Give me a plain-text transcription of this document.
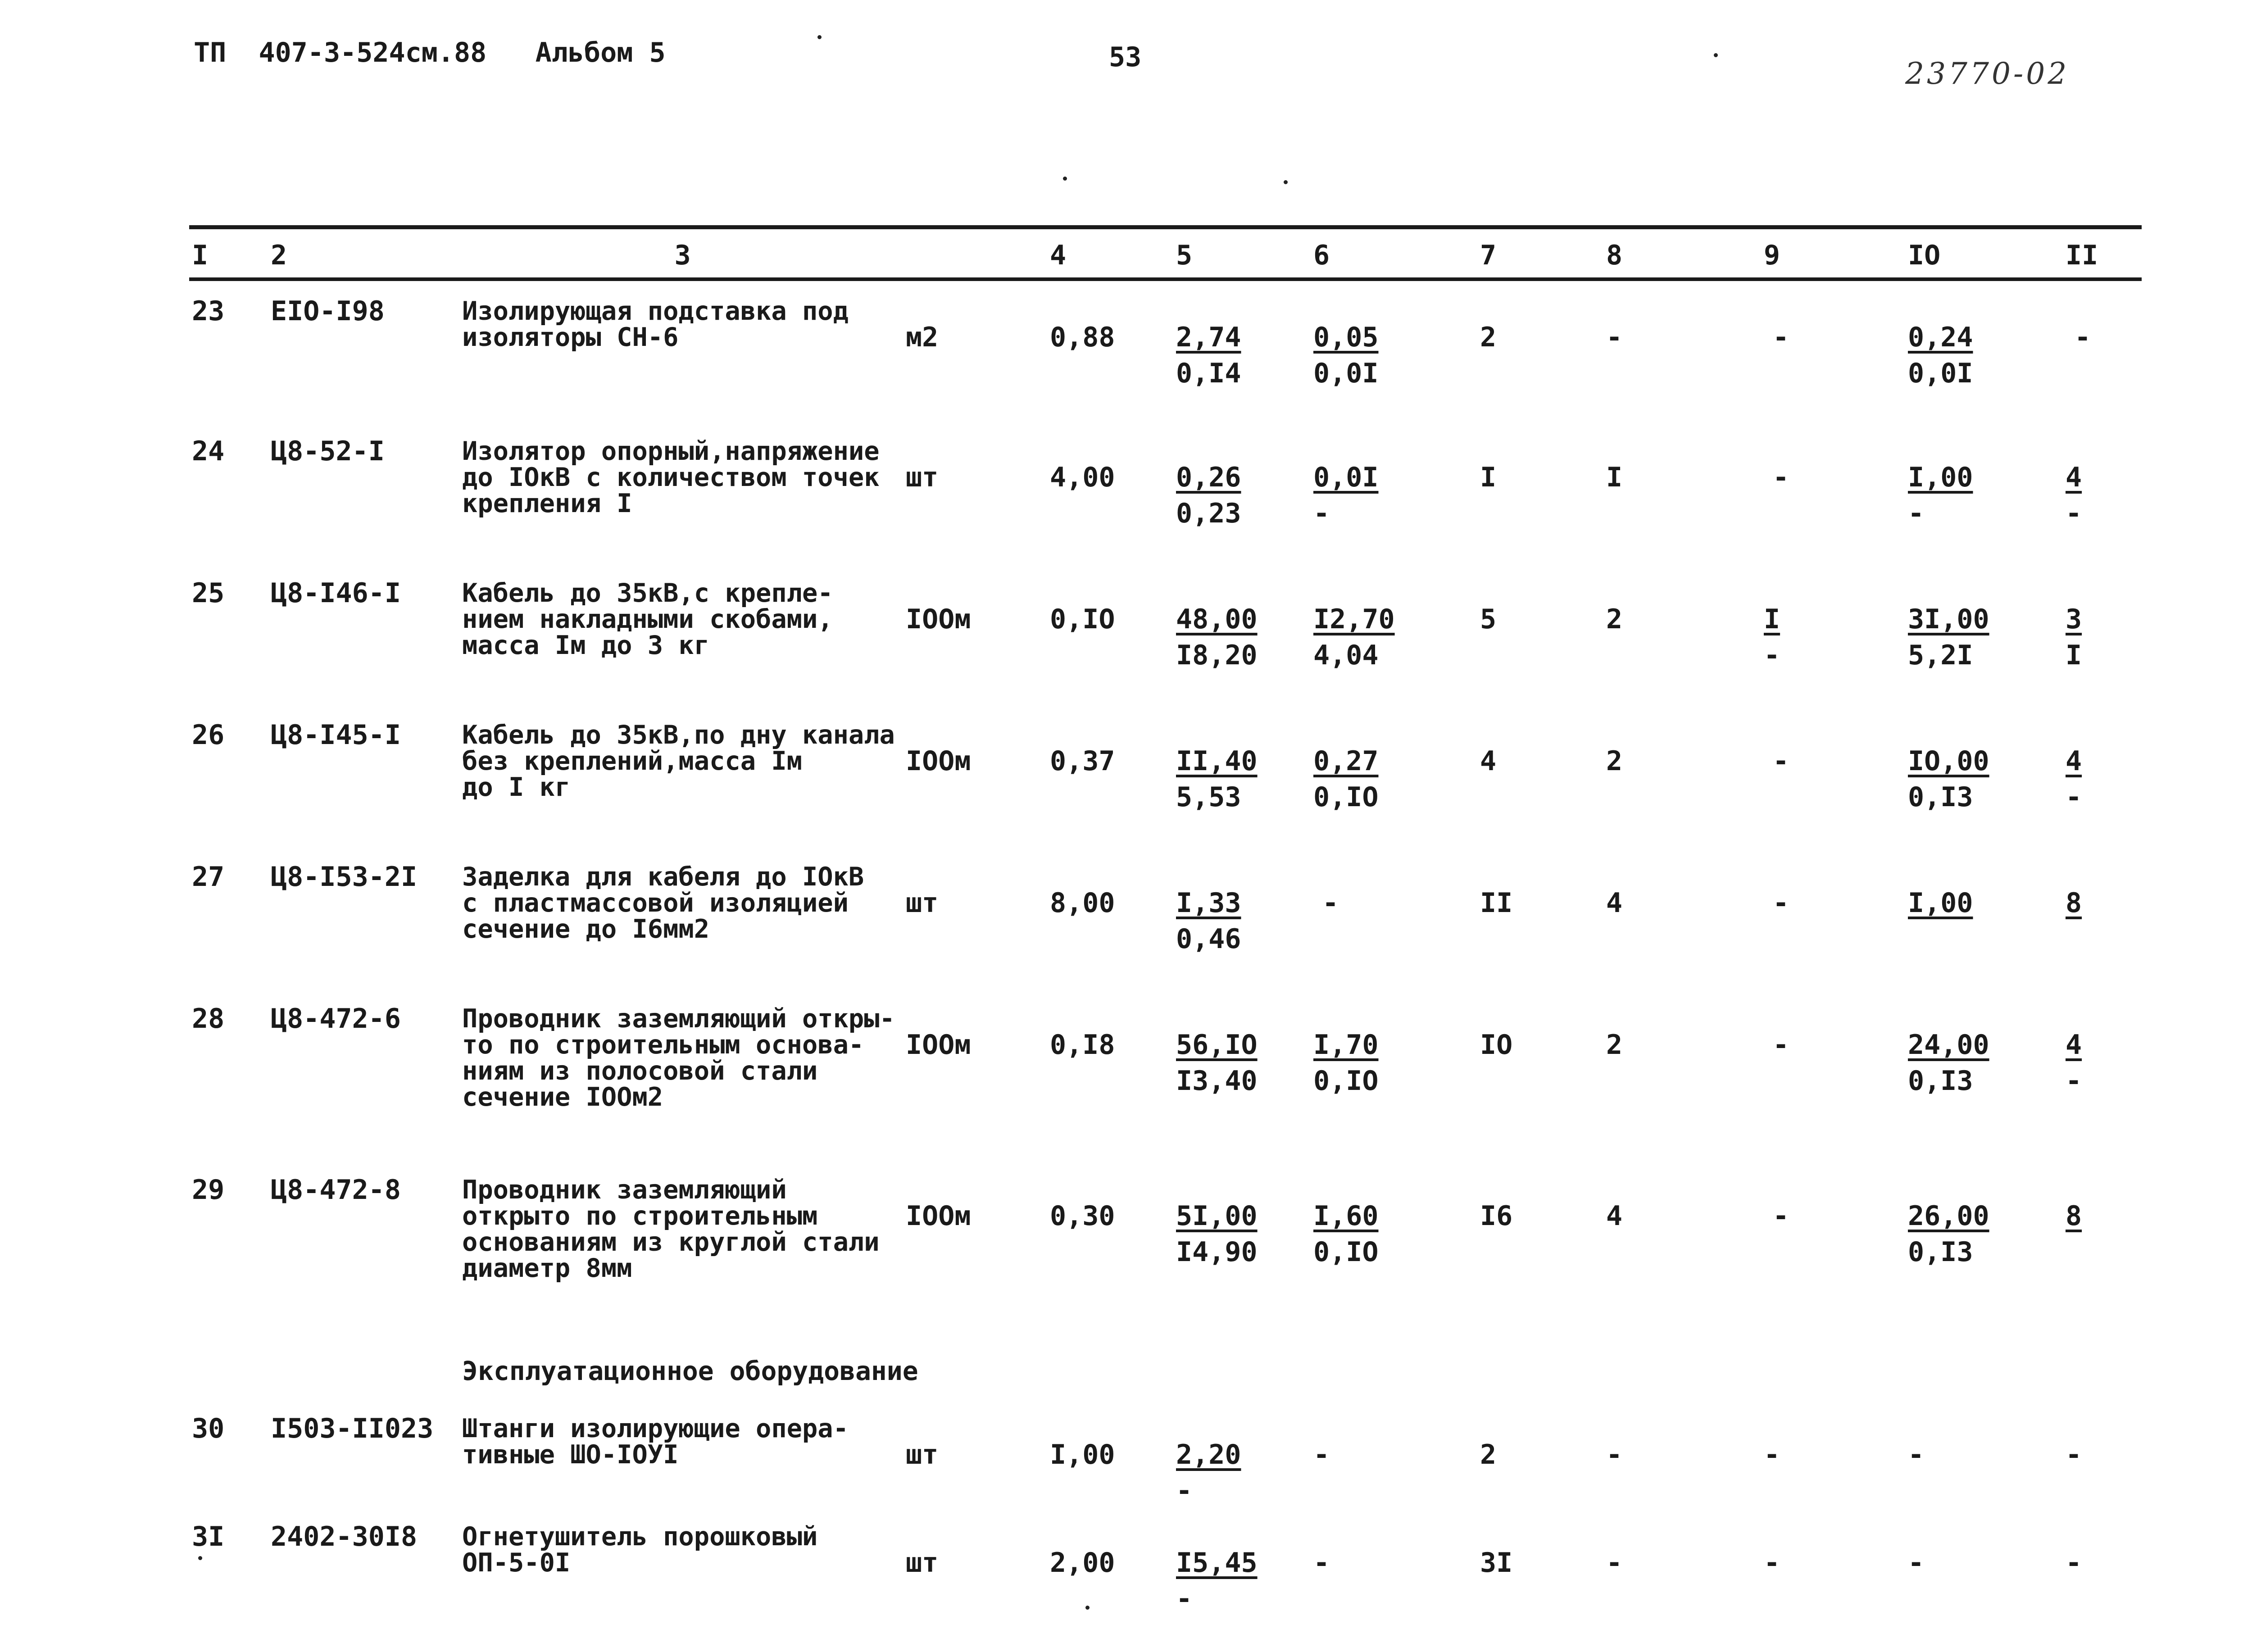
ТП  407-3-524см.88   Альбом 5	53	23770-02
I	2	3		4	5	6	7	8	9	IO	II
23	ЕIO-I98	Изолирующая подставка под
изоляторы СН-6	м2	0,88	$\frac{2,74}{0,I4}$	$\frac{0,05}{0,0I}$	2	-	-	$\frac{0,24}{0,0I}$	-

24	Ц8-52-I	Изолятор опорный,напряжение
до IOкВ с количеством точек
крепления I	шт	4,00	$\frac{0,26}{0,23}$	$\frac{0,0I}{-}$	I	I	-	$\frac{I,00}{-}$	$\frac{4}{-}$

25	Ц8-I46-I	Кабель до 35кВ,с крепле-
нием накладными скобами,
масса Iм до 3 кг	IOOм	0,IO	$\frac{48,00}{I8,20}$	$\frac{I2,70}{4,04}$	5	2	$\frac{I}{-}$	$\frac{3I,00}{5,2I}$	$\frac{3}{I}$

26	Ц8-I45-I	Кабель до 35кВ,по дну канала
без креплений,масса Iм
до I кг	IOOм	0,37	$\frac{II,40}{5,53}$	$\frac{0,27}{0,IO}$	4	2	-	$\frac{IO,00}{0,I3}$	$\frac{4}{-}$

27	Ц8-I53-2I	Заделка для кабеля до IOкВ
с пластмассовой изоляцией
сечение до I6мм2	шт	8,00	$\frac{I,33}{0,46}$	-	II	4	-	I,00	8

28	Ц8-472-6	Проводник заземляющий откры-
то по строительным основа-
ниям из полосовой стали
сечение IOOм2	IOOм	0,I8	$\frac{56,IO}{I3,40}$	$\frac{I,70}{0,IO}$	IO	2	-	$\frac{24,00}{0,I3}$	$\frac{4}{-}$

29	Ц8-472-8	Проводник заземляющий
открыто по строительным
основаниям из круглой стали
диаметр 8мм	IOOм	0,30	$\frac{5I,00}{I4,90}$	$\frac{I,60}{0,IO}$	I6	4	-	$\frac{26,00}{0,I3}$	8

		Эксплуатационное оборудование									
30	I503-II023	Штанги изолирующие опера-
тивные ШО-IOУI	шт	I,00	$\frac{2,20}{-}$	-	2	-	-	-	-
3I	2402-30I8	Огнетушитель порошковый
ОП-5-0I	шт	2,00	$\frac{I5,45}{-}$	-	3I	-	-	-	-
